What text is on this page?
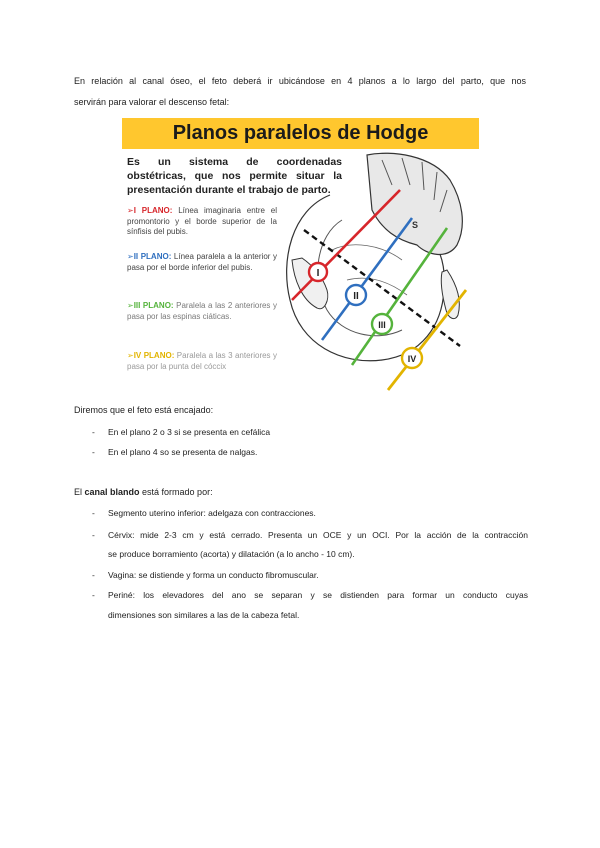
En relación al canal óseo, el feto deberá ir ubicándose en 4 planos a lo largo del parto, que nos
servirán para valorar el descenso fetal:
Planos paralelos de Hodge
Es un sistema de coordenadas obstétricas, que nos permite situar la presentación durante el trabajo de parto.
➢I PLANO: Línea imaginaria entre el promontorio y el borde superior de la sínfisis del pubis.
➢II PLANO: Línea paralela a la anterior y pasa por el borde inferior del pubis.
➢III PLANO: Paralela a las 2 anteriores y pasa por las espinas ciáticas.
➢IV PLANO: Paralela a las 3 anteriores y pasa por la punta del cóccix
S
I
II
III
IV
Diremos que el feto está encajado:
- En el plano 2 o 3 si se presenta en cefálica
- En el plano 4 so se presenta de nalgas.
El canal blando está formado por:
- Segmento uterino inferior: adelgaza con contracciones.
- Cérvix: mide 2-3 cm y está cerrado. Presenta un OCE y un OCI. Por la acción de la contracción
se produce borramiento (acorta) y dilatación (a lo ancho - 10 cm).
- Vagina: se distiende y forma un conducto fibromuscular.
- Periné: los elevadores del ano se separan y se distienden para formar un conducto cuyas
dimensiones son similares a las de la cabeza fetal.
